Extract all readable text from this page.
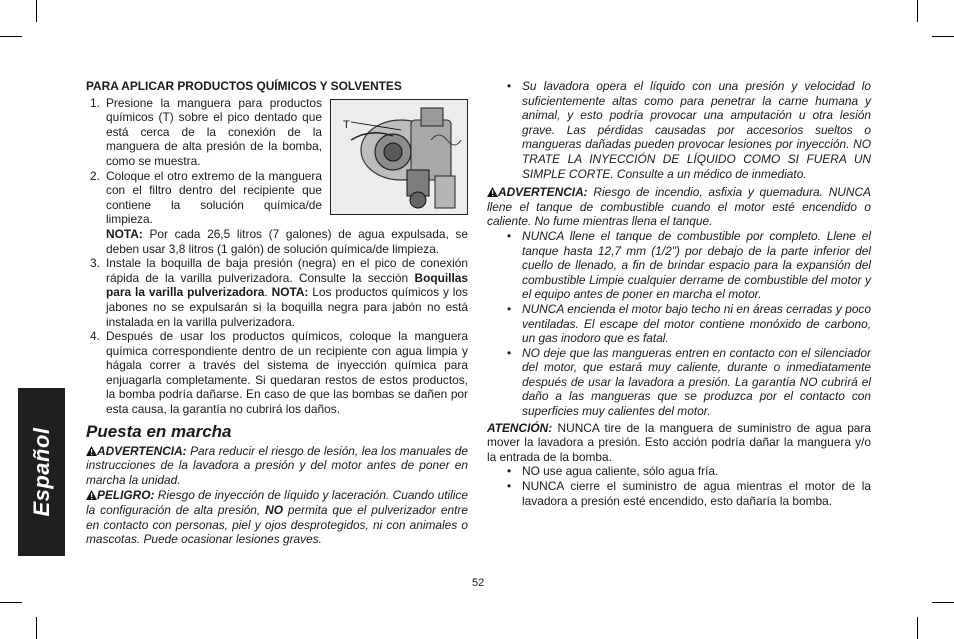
Español

PARA APLICAR PRODUCTOS QUÍMICOS Y SOLVENTES

1.
T
Presione la manguera para productos químicos (T) sobre el pico dentado que está cerca de la conexión de la manguera de alta presión de la bomba, como se muestra.
2. Coloque el otro extremo de la manguera con el filtro dentro del recipiente que contiene la solución química/de limpieza.

NOTA: Por cada 26,5 litros (7 galones) de agua expulsada, se deben usar 3,8 litros (1 galón) de solución química/de limpieza.

3. Instale la boquilla de baja presión (negra) en el pico de conexión rápida de la varilla pulverizadora. Consulte la sección Boquillas para la varilla pulverizadora. NOTA: Los productos químicos y los jabones no se expulsarán si la boquilla negra para jabón no está instalada en la varilla pulverizadora.
4. Después de usar los productos químicos, coloque la manguera química correspondiente dentro de un recipiente con agua limpia y hágala correr a través del sistema de inyección química para enjuagarla completamente. Si quedaran restos de estos productos, la bomba podría dañarse. En caso de que las bombas se dañen por esta causa, la garantía no cubrirá los daños.

Puesta en marcha

ADVERTENCIA: Para reducir el riesgo de lesión, lea los manuales de instrucciones de la lavadora a presión y del motor antes de poner en marcha la unidad.

PELIGRO: Riesgo de inyección de líquido y laceración. Cuando utilice la configuración de alta presión, NO permita que el pulverizador entre en contacto con personas, piel y ojos desprotegidos, ni con animales o mascotas. Puede ocasionar lesiones graves.

• Su lavadora opera el líquido con una presión y velocidad lo suficientemente altas como para penetrar la carne humana y animal, y esto podría provocar una amputación u otra lesión grave. Las pérdidas causadas por accesorios sueltos o mangueras dañadas pueden provocar lesiones por inyección. NO TRATE LA INYECCIÓN DE LÍQUIDO COMO SI FUERA UN SIMPLE CORTE. Consulte a un médico de inmediato.

ADVERTENCIA: Riesgo de incendio, asfixia y quemadura. NUNCA llene el tanque de combustible cuando el motor esté encendido o caliente. No fume mientras llena el tanque.

• NUNCA llene el tanque de combustible por completo. Llene el tanque hasta 12,7 mm (1/2") por debajo de la parte inferior del cuello de llenado, a fin de brindar espacio para la expansión del combustible Limpie cualquier derrame de combustible del motor y el equipo antes de poner en marcha el motor.
• NUNCA encienda el motor bajo techo ni en áreas cerradas y poco ventiladas. El escape del motor contiene monóxido de carbono, un gas inodoro que es fatal.
• NO deje que las mangueras entren en contacto con el silenciador del motor, que estará muy caliente, durante o inmediatamente después de usar la lavadora a presión. La garantía NO cubrirá el daño a las mangueras que se produzca por el contacto con superficies muy calientes del motor.

ATENCIÓN: NUNCA tire de la manguera de suministro de agua para mover la lavadora a presión. Esto acción podría dañar la manguera y/o la entrada de la bomba.

• NO use agua caliente, sólo agua fría.
• NUNCA cierre el suministro de agua mientras el motor de la lavadora a presión esté encendido, esto dañaría la bomba.
52
